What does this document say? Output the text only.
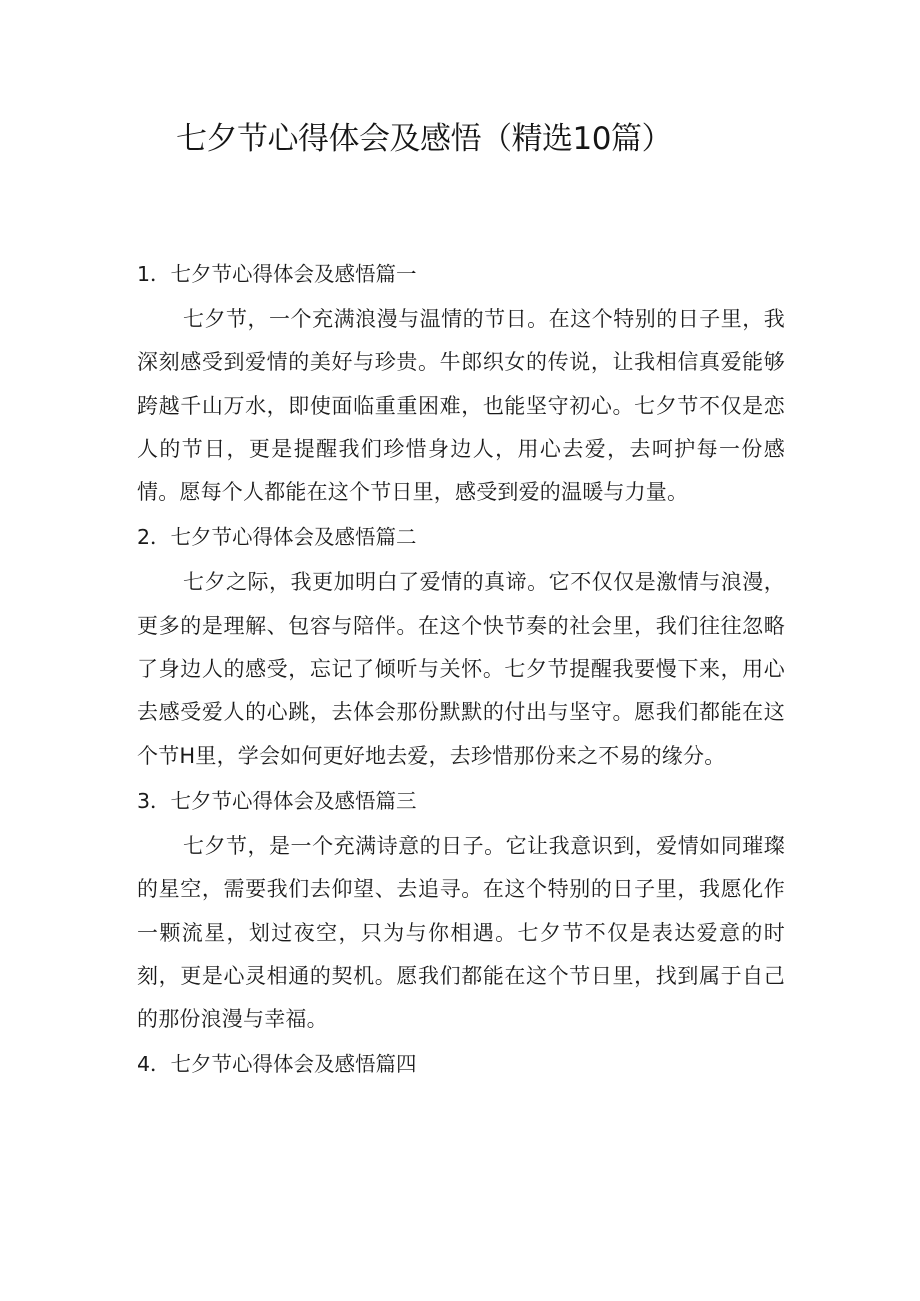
七夕节心得体会及感悟（精选10篇）
1．七夕节心得体会及感悟篇一

七夕节，一个充满浪漫与温情的节日。在这个特别的日子里，我深刻感受到爱情的美好与珍贵。牛郎织女的传说，让我相信真爱能够跨越千山万水，即使面临重重困难，也能坚守初心。七夕节不仅是恋人的节日，更是提醒我们珍惜身边人，用心去爱，去呵护每一份感情。愿每个人都能在这个节日里，感受到爱的温暖与力量。

2．七夕节心得体会及感悟篇二

七夕之际，我更加明白了爱情的真谛。它不仅仅是激情与浪漫，更多的是理解、包容与陪伴。在这个快节奏的社会里，我们往往忽略了身边人的感受，忘记了倾听与关怀。七夕节提醒我要慢下来，用心去感受爱人的心跳，去体会那份默默的付出与坚守。愿我们都能在这个节H里，学会如何更好地去爱，去珍惜那份来之不易的缘分。

3．七夕节心得体会及感悟篇三

七夕节，是一个充满诗意的日子。它让我意识到，爱情如同璀璨的星空，需要我们去仰望、去追寻。在这个特别的日子里，我愿化作一颗流星，划过夜空，只为与你相遇。七夕节不仅是表达爱意的时刻，更是心灵相通的契机。愿我们都能在这个节日里，找到属于自己的那份浪漫与幸福。

4．七夕节心得体会及感悟篇四
